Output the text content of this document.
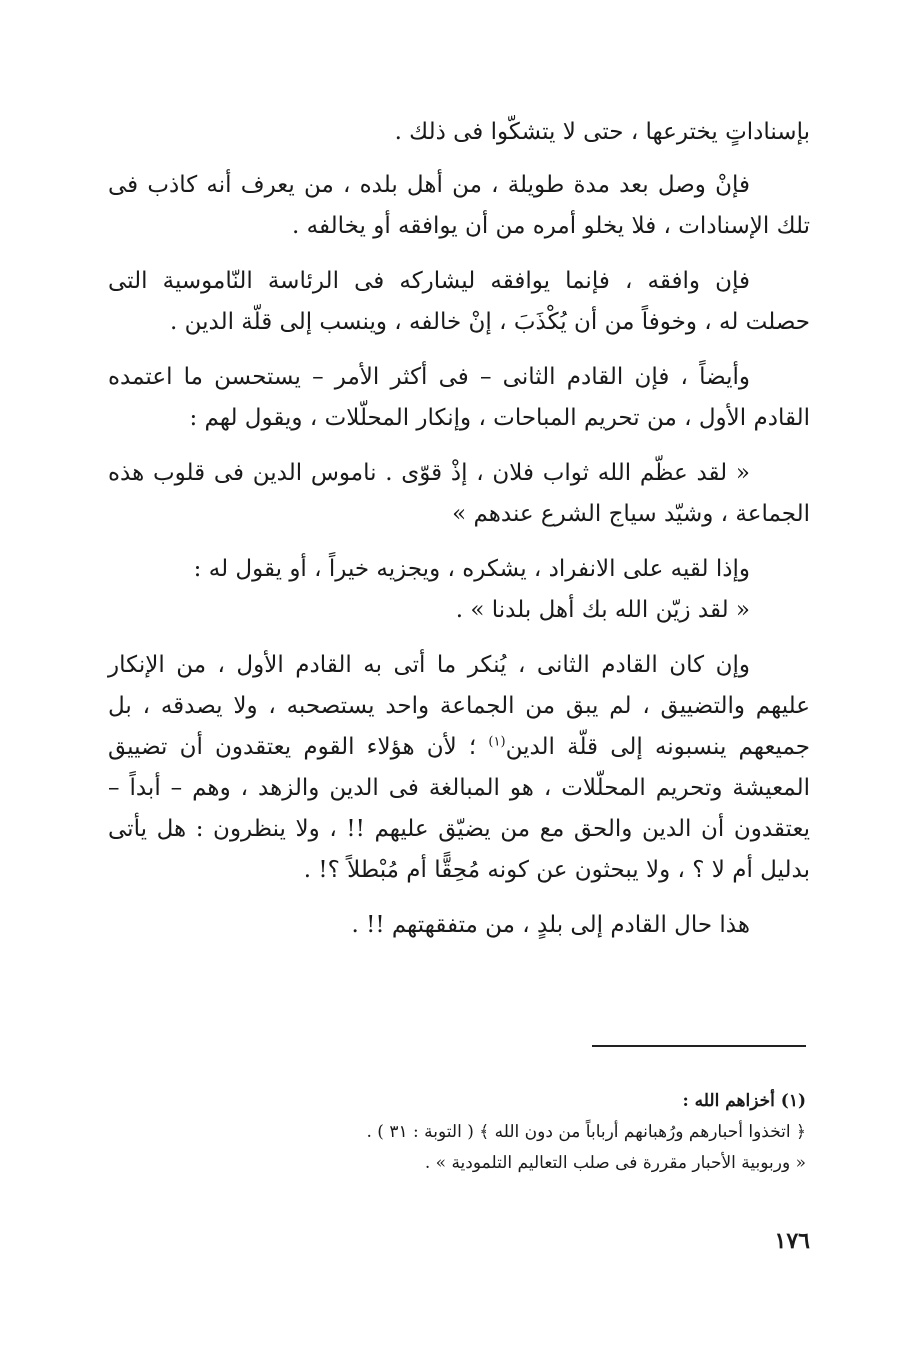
بإسناداتٍ يخترعها ، حتى لا يتشكّوا فى ذلك .

فإنْ وصل بعد مدة طويلة ، من أهل بلده ، من يعرف أنه كاذب فى تلك الإسنادات ، فلا يخلو أمره من أن يوافقه أو يخالفه .

فإن وافقه ، فإنما يوافقه ليشاركه فى الرئاسة النّاموسية التى حصلت له ، وخوفاً من أن يُكْذَبَ ، إنْ خالفه ، وينسب إلى قلّة الدين .

وأيضاً ، فإن القادم الثانى – فى أكثر الأمر – يستحسن ما اعتمده القادم الأول ، من تحريم المباحات ، وإنكار المحلّلات ، ويقول لهم :

« لقد عظّم الله ثواب فلان ، إذْ قوّى . ناموس الدين فى قلوب هذه الجماعة ، وشيّد سياج الشرع عندهم »

وإذا لقيه على الانفراد ، يشكره ، ويجزيه خيراً ، أو يقول له :

« لقد زيّن الله بك أهل بلدنا » .

وإن كان القادم الثانى ، يُنكر ما أتى به القادم الأول ، من الإنكار عليهم والتضييق ، لم يبق من الجماعة واحد يستصحبه ، ولا يصدقه ، بل جميعهم ينسبونه إلى قلّة الدين$^{(١)}$ ؛ لأن هؤلاء القوم يعتقدون أن تضييق المعيشة وتحريم المحلّلات ، هو المبالغة فى الدين والزهد ، وهم – أبداً – يعتقدون أن الدين والحق مع من يضيّق عليهم !! ، ولا ينظرون : هل يأتى بدليل أم لا ؟ ، ولا يبحثون عن كونه مُحِقًّا أم مُبْطلاً ؟! .

هذا حال القادم إلى بلدٍ ، من متفقهتهم !! .

(١) أخزاهم الله :

﴿ اتخذوا أحبارهم ورُهبانهم أرباباً من دون الله ﴾ ( التوبة : ٣١ ) .

« وربوبية الأحبار مقررة فى صلب التعاليم التلمودية » .

١٧٦
